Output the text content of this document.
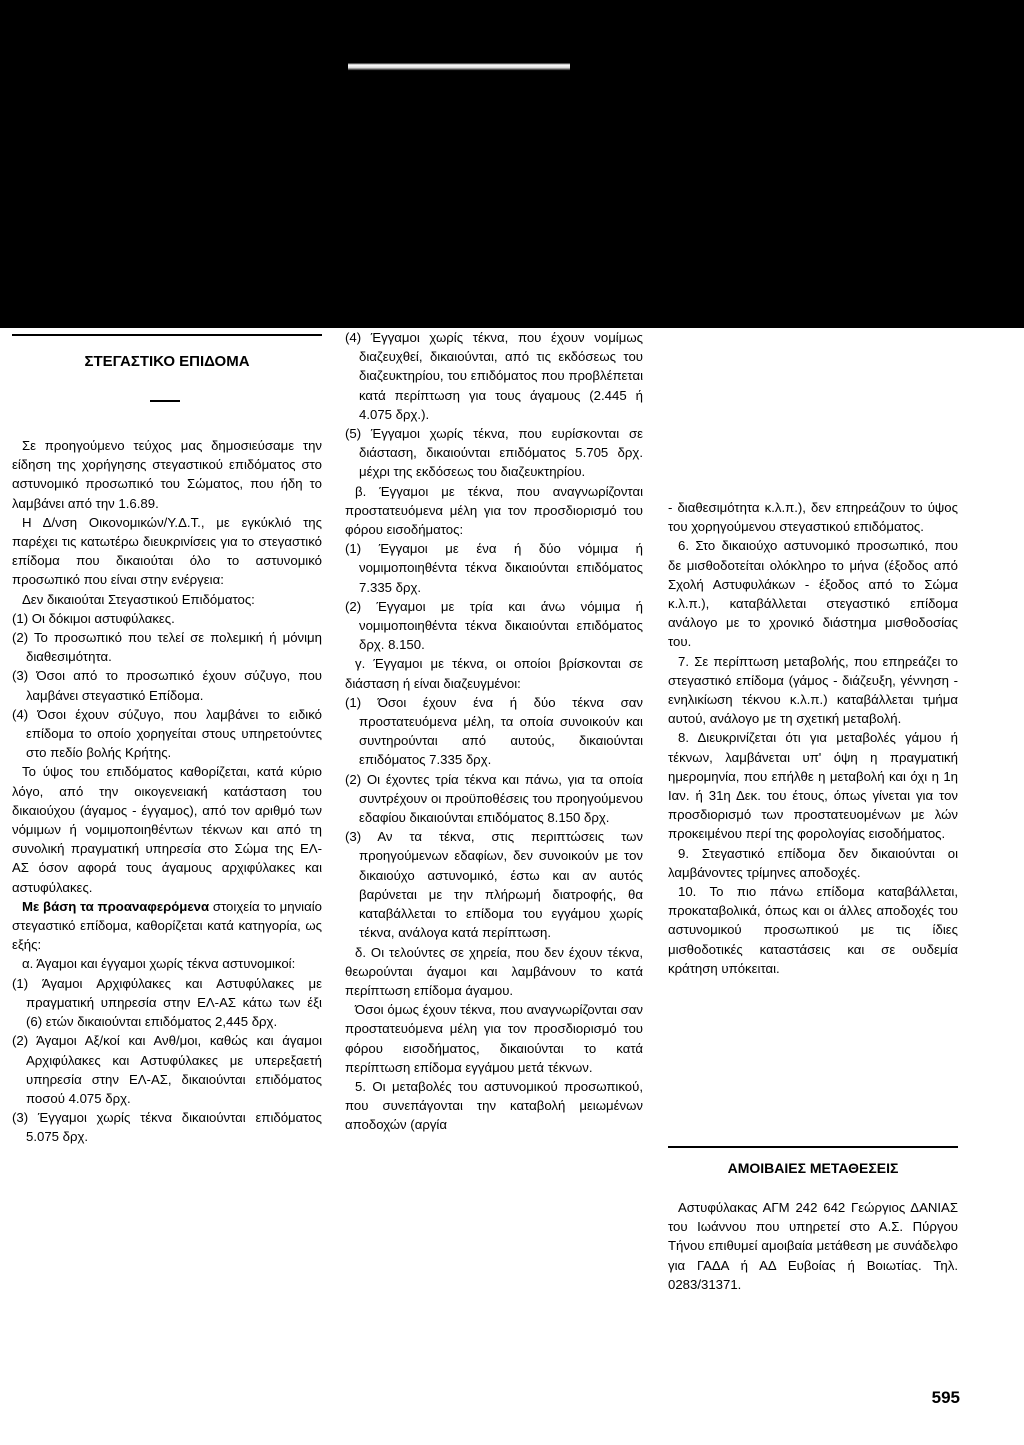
ΣΤΕΓΑΣΤΙΚΟ ΕΠΙΔΟΜΑ

Σε προηγούμενο τεύχος μας δημοσιεύσαμε την είδηση της χορήγησης στεγαστικού επιδόματος στο αστυνομικό προσωπικό του Σώματος, που ήδη το λαμβάνει από την 1.6.89.

Η Δ/νση Οικονομικών/Υ.Δ.Τ., με εγκύκλιό της παρέχει τις κατωτέρω διευκρινίσεις για το στεγαστικό επίδομα που δικαιούται όλο το αστυνομικό προσωπικό που είναι στην ενέργεια:

Δεν δικαιούται Στεγαστικού Επιδόματος:

(1) Οι δόκιμοι αστυφύλακες.

(2) Το προσωπικό που τελεί σε πολεμική ή μόνιμη διαθεσιμότητα.

(3) Όσοι από το προσωπικό έχουν σύζυγο, που λαμβάνει στεγαστικό Επίδομα.

(4) Όσοι έχουν σύζυγο, που λαμβάνει το ειδικό επίδομα το οποίο χορηγείται στους υπηρετούντες στο πεδίο βολής Κρήτης.

Το ύψος του επιδόματος καθορίζεται, κατά κύριο λόγο, από την οικογενειακή κατάσταση του δικαιούχου (άγαμος - έγγαμος), από τον αριθμό των νόμιμων ή νομιμοποιηθέντων τέκνων και από τη συνολική πραγματική υπηρεσία στο Σώμα της ΕΛ-ΑΣ όσον αφορά τους άγαμους αρχιφύλακες και αστυφύλακες.

Με βάση τα προαναφερόμενα στοιχεία το μηνιαίο στεγαστικό επίδομα, καθορίζεται κατά κατηγορία, ως εξής:

α. Άγαμοι και έγγαμοι χωρίς τέκνα αστυνομικοί:

(1) Άγαμοι Αρχιφύλακες και Αστυφύλακες με πραγματική υπηρεσία στην ΕΛ-ΑΣ κάτω των έξι (6) ετών δικαιούνται επιδόματος 2,445 δρχ.

(2) Άγαμοι Αξ/κοί και Ανθ/μοι, καθώς και άγαμοι Αρχιφύλακες και Αστυφύλακες με υπερεξαετή υπηρεσία στην ΕΛ-ΑΣ, δικαιούνται επιδόματος ποσού 4.075 δρχ.

(3) Έγγαμοι χωρίς τέκνα δικαιούνται επιδόματος 5.075 δρχ.

(4) Έγγαμοι χωρίς τέκνα, που έχουν νομίμως διαζευχθεί, δικαιούνται, από τις εκδόσεως του διαζευκτηρίου, του επιδόματος που προβλέπεται κατά περίπτωση για τους άγαμους (2.445 ή 4.075 δρχ.).

(5) Έγγαμοι χωρίς τέκνα, που ευρίσκονται σε διάσταση, δικαιούνται επιδόματος 5.705 δρχ. μέχρι της εκδόσεως του διαζευκτηρίου.

β. Έγγαμοι με τέκνα, που αναγνωρίζονται προστατευόμενα μέλη για τον προσδιορισμό του φόρου εισοδήματος:

(1) Έγγαμοι με ένα ή δύο νόμιμα ή νομιμοποιηθέντα τέκνα δικαιούνται επιδόματος 7.335 δρχ.

(2) Έγγαμοι με τρία και άνω νόμιμα ή νομιμοποιηθέντα τέκνα δικαιούνται επιδόματος δρχ. 8.150.

γ. Έγγαμοι με τέκνα, οι οποίοι βρίσκονται σε διάσταση ή είναι διαζευγμένοι:

(1) Όσοι έχουν ένα ή δύο τέκνα σαν προστατευόμενα μέλη, τα οποία συνοικούν και συντηρούνται από αυτούς, δικαιούνται επιδόματος 7.335 δρχ.

(2) Οι έχοντες τρία τέκνα και πάνω, για τα οποία συντρέχουν οι προϋποθέσεις του προηγούμενου εδαφίου δικαιούνται επιδόματος 8.150 δρχ.

(3) Αν τα τέκνα, στις περιπτώσεις των προηγούμενων εδαφίων, δεν συνοικούν με τον δικαιούχο αστυνομικό, έστω και αν αυτός βαρύνεται με την πλήρωμή διατροφής, θα καταβάλλεται το επίδομα του εγγάμου χωρίς τέκνα, ανάλογα κατά περίπτωση.

δ. Οι τελούντες σε χηρεία, που δεν έχουν τέκνα, θεωρούνται άγαμοι και λαμβάνουν το κατά περίπτωση επίδομα άγαμου.

Όσοι όμως έχουν τέκνα, που αναγνωρίζονται σαν προστατευόμενα μέλη για τον προσδιορισμό του φόρου εισοδήματος, δικαιούνται το κατά περίπτωση επίδομα εγγάμου μετά τέκνων.

5. Οι μεταβολές του αστυνομικού προσωπικού, που συνεπάγονται την καταβολή μειωμένων αποδοχών (αργία

- διαθεσιμότητα κ.λ.π.), δεν επηρεάζουν το ύψος του χορηγούμενου στεγαστικού επιδόματος.

6. Στο δικαιούχο αστυνομικό προσωπικό, που δε μισθοδοτείται ολόκληρο το μήνα (έξοδος από Σχολή Αστυφυλάκων - έξοδος από το Σώμα κ.λ.π.), καταβάλλεται στεγαστικό επίδομα ανάλογο με το χρονικό διάστημα μισθοδοσίας του.

7. Σε περίπτωση μεταβολής, που επηρεάζει το στεγαστικό επίδομα (γάμος - διάζευξη, γέννηση - ενηλικίωση τέκνου κ.λ.π.) καταβάλλεται τμήμα αυτού, ανάλογο με τη σχετική μεταβολή.

8. Διευκρινίζεται ότι για μεταβολές γάμου ή τέκνων, λαμβάνεται υπ' όψη η πραγματική ημερομηνία, που επήλθε η μεταβολή και όχι η 1η Ιαν. ή 31η Δεκ. του έτους, όπως γίνεται για τον προσδιορισμό των προστατευομένων με λών προκειμένου περί της φορολογίας εισοδήματος.

9. Στεγαστικό επίδομα δεν δικαιούνται οι λαμβάνοντες τρίμηνες αποδοχές.

10. Το πιο πάνω επίδομα καταβάλλεται, προκαταβολικά, όπως και οι άλλες αποδοχές του αστυνομικού προσωπικού με τις ίδιες μισθοδοτικές καταστάσεις και σε ουδεμία κράτηση υπόκειται.

ΑΜΟΙΒΑΙΕΣ ΜΕΤΑΘΕΣΕΙΣ

Αστυφύλακας ΑΓΜ 242 642 Γεώργιος ΔΑΝΙΑΣ του Ιωάννου που υπηρετεί στο Α.Σ. Πύργου Τήνου επιθυμεί αμοιβαία μετάθεση με συνάδελφο για ΓΑΔΑ ή ΑΔ Ευβοίας ή Βοιωτίας. Τηλ. 0283/31371.

595
